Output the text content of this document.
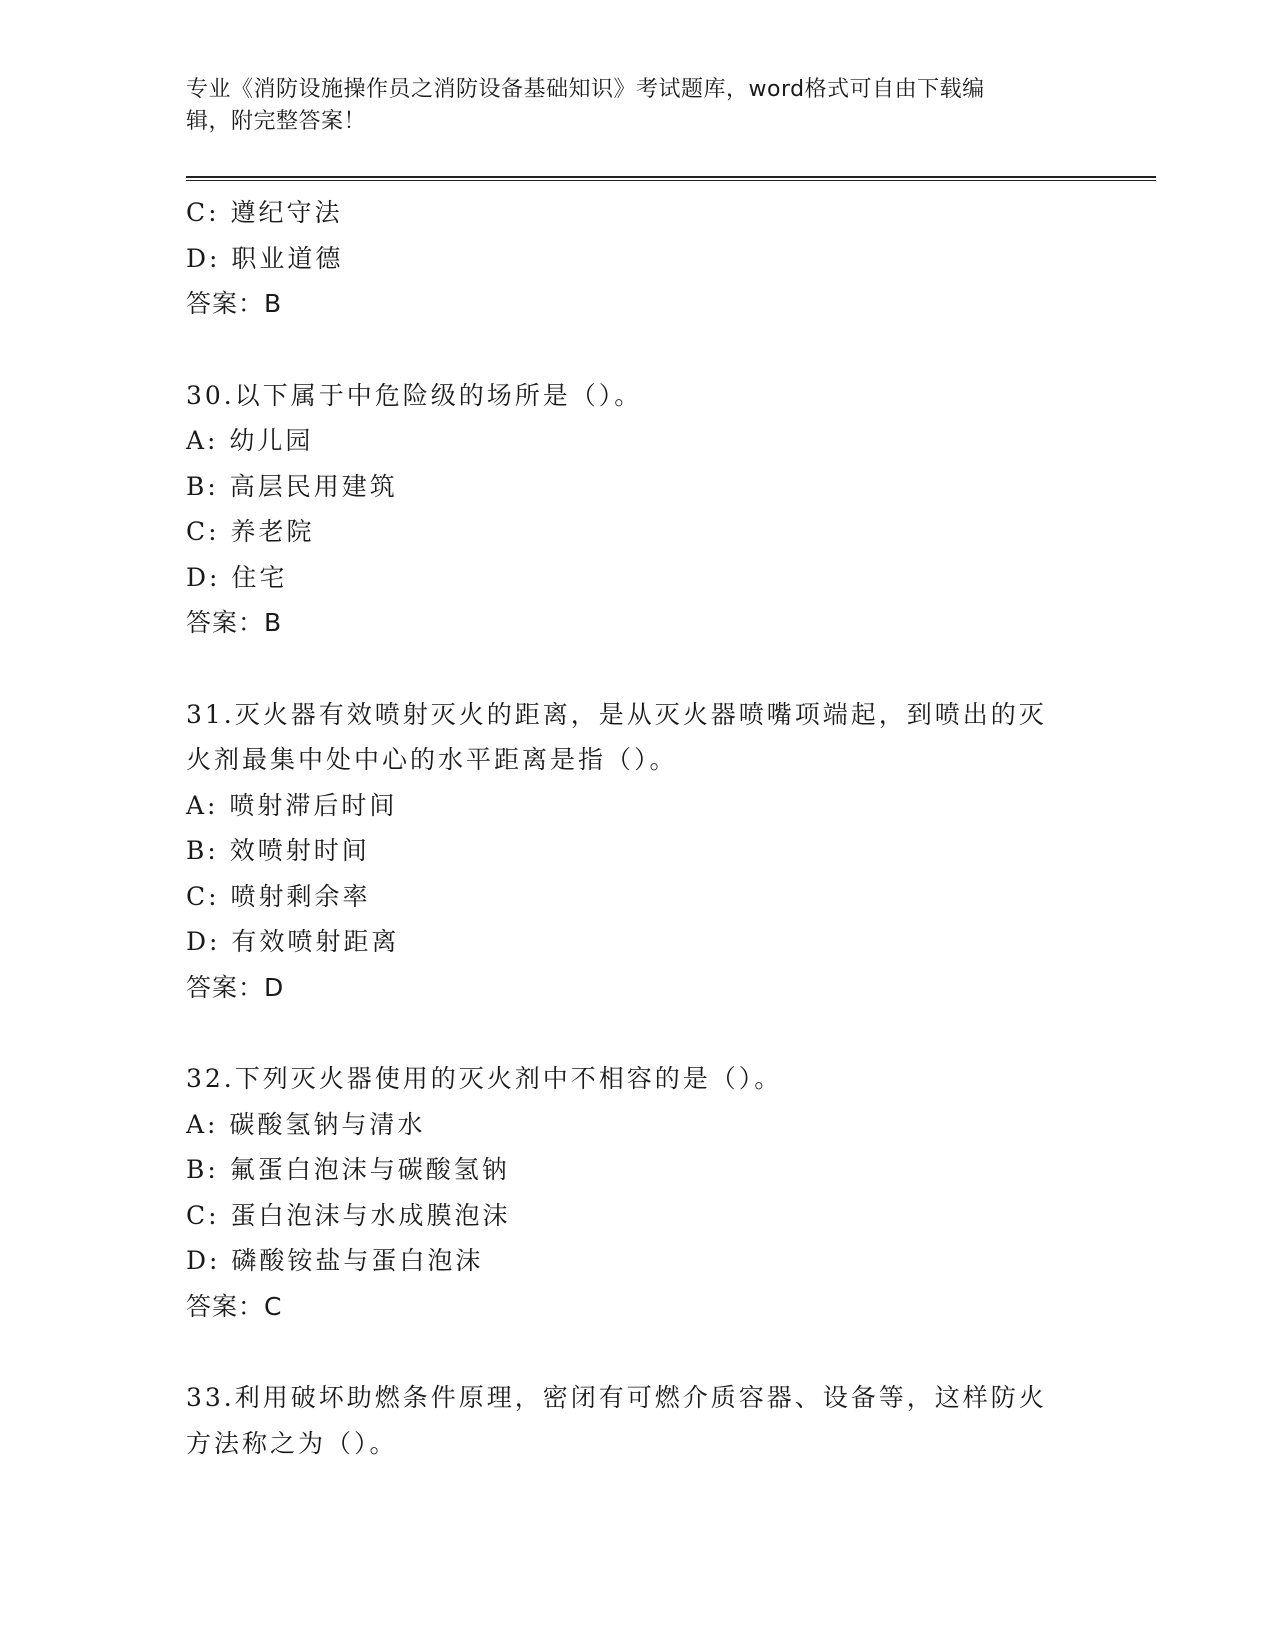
专业《消防设施操作员之消防设备基础知识》考试题库，word格式可自由下载编
辑，附完整答案！
C: 遵纪守法
D: 职业道德
答案：B
30.以下属于中危险级的场所是（）。
A: 幼儿园
B: 高层民用建筑
C: 养老院
D: 住宅
答案：B
31.灭火器有效喷射灭火的距离，是从灭火器喷嘴项端起，到喷出的灭
火剂最集中处中心的水平距离是指（）。
A: 喷射滞后时间
B: 效喷射时间
C: 喷射剩余率
D: 有效喷射距离
答案：D
32.下列灭火器使用的灭火剂中不相容的是（）。
A: 碳酸氢钠与清水
B: 氟蛋白泡沫与碳酸氢钠
C: 蛋白泡沫与水成膜泡沫
D: 磷酸铵盐与蛋白泡沫
答案：C
33.利用破坏助燃条件原理，密闭有可燃介质容器、设备等，这样防火
方法称之为（）。
